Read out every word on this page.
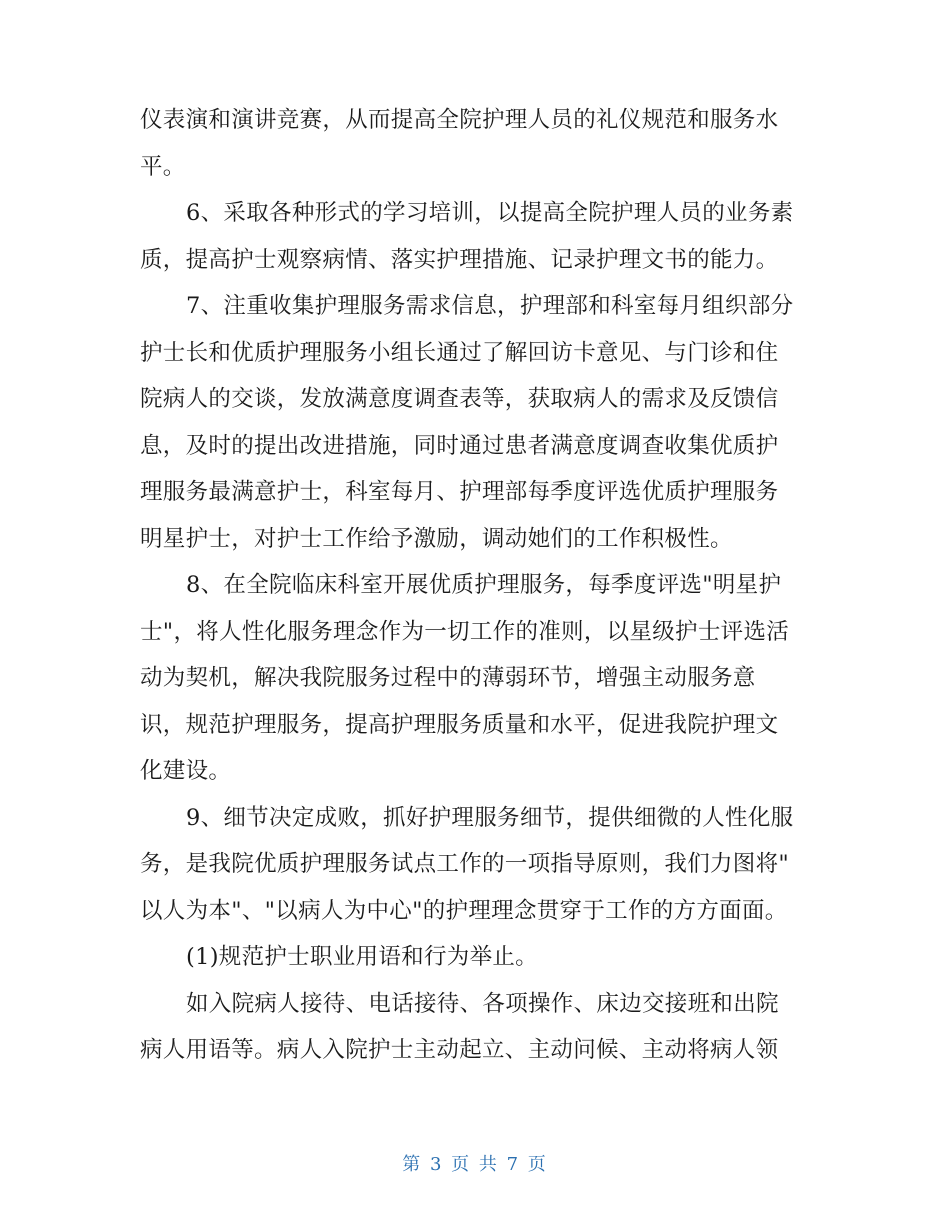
仪表演和演讲竞赛，从而提高全院护理人员的礼仪规范和服务水
平。
6、采取各种形式的学习培训，以提高全院护理人员的业务素
质，提高护士观察病情、落实护理措施、记录护理文书的能力。
7、注重收集护理服务需求信息，护理部和科室每月组织部分
护士长和优质护理服务小组长通过了解回访卡意见、与门诊和住
院病人的交谈，发放满意度调查表等，获取病人的需求及反馈信
息，及时的提出改进措施，同时通过患者满意度调查收集优质护
理服务最满意护士，科室每月、护理部每季度评选优质护理服务
明星护士，对护士工作给予激励，调动她们的工作积极性。
8、在全院临床科室开展优质护理服务，每季度评选"明星护
士"，将人性化服务理念作为一切工作的准则，以星级护士评选活
动为契机，解决我院服务过程中的薄弱环节，增强主动服务意
识，规范护理服务，提高护理服务质量和水平，促进我院护理文
化建设。
9、细节决定成败，抓好护理服务细节，提供细微的人性化服
务，是我院优质护理服务试点工作的一项指导原则，我们力图将"
以人为本"、"以病人为中心"的护理理念贯穿于工作的方方面面。
(1)规范护士职业用语和行为举止。
如入院病人接待、电话接待、各项操作、床边交接班和出院
病人用语等。病人入院护士主动起立、主动问候、主动将病人领
第 3 页 共 7 页
